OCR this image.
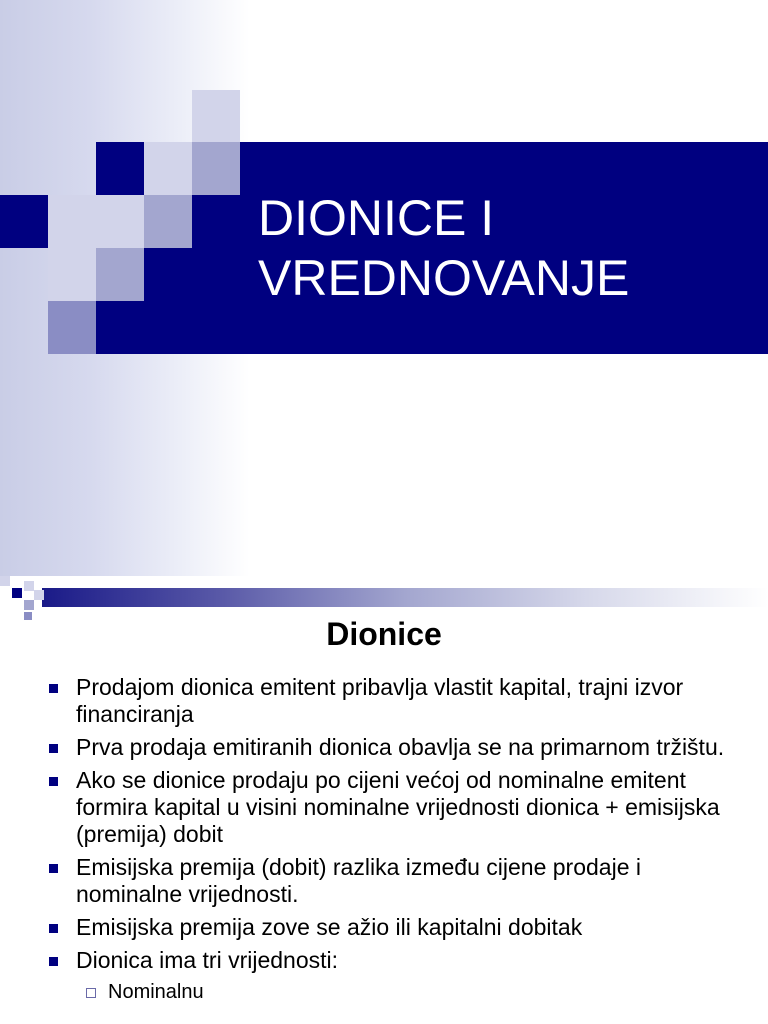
DIONICE I
VREDNOVANJE
Dionice
Prodajom dionica emitent pribavlja vlastit kapital, trajni izvor financiranja
Prva prodaja emitiranih dionica obavlja se na primarnom tržištu.
Ako se dionice prodaju po cijeni većoj od nominalne emitent formira kapital u visini nominalne vrijednosti dionica + emisijska (premija) dobit
Emisijska premija (dobit) razlika između cijene prodaje i nominalne vrijednosti.
Emisijska premija zove se ažio ili kapitalni dobitak
Dionica ima tri vrijednosti:
Nominalnu
